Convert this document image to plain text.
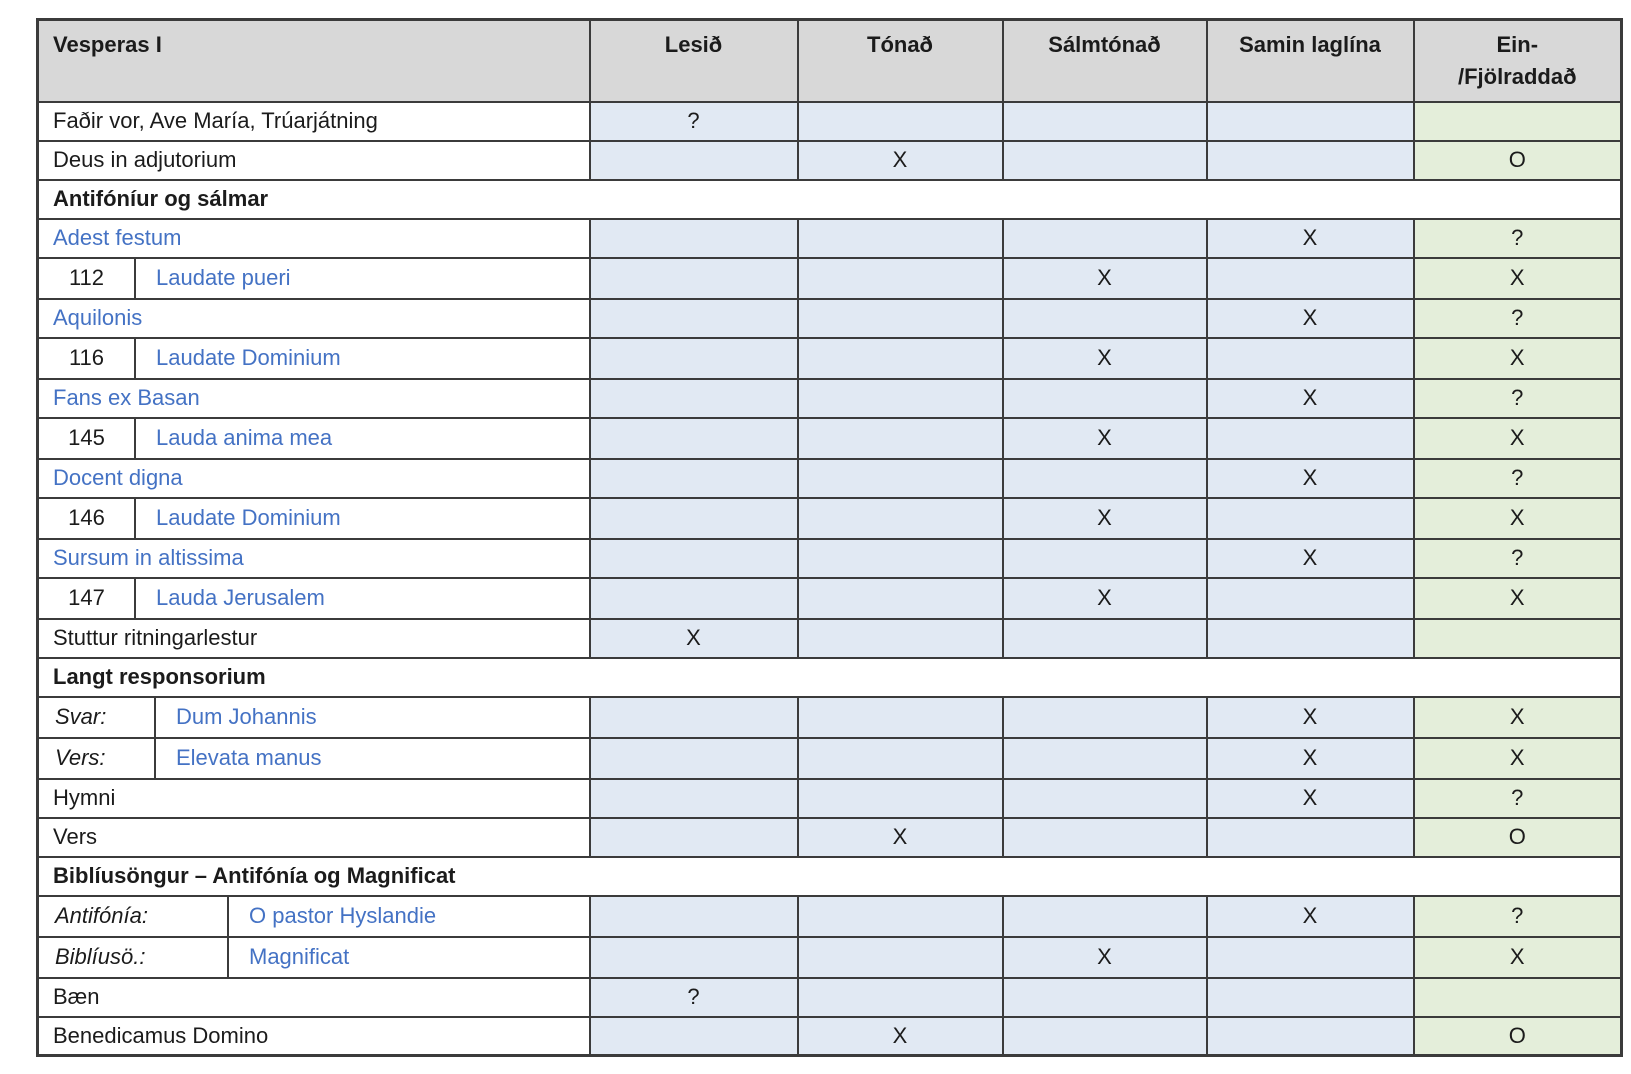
Vesperas I	Lesið	Tónað	Sálmtónað	Samin laglína	Ein-
/Fjölraddað

Faðir vor, Ave María, Trúarjátning	?				

Deus in adjutorium		X			O
Antifóníur og sálmar					

Adest festum				X	?

112 Laudate pueri			X		X

Aquilonis				X	?

116 Laudate Dominium			X		X

Fans ex Basan				X	?

145 Lauda anima mea			X		X

Docent digna				X	?

146 Laudate Dominium			X		X

Sursum in altissima				X	?

147 Lauda Jerusalem			X		X

Stuttur ritningarlestur	X				
Langt responsorium					

Svar: Dum Johannis				X	X

Vers: Elevata manus				X	X

Hymni				X	?

Vers		X			O
Biblíusöngur – Antifónía og Magnificat					

Antifónía: O pastor Hyslandie				X	?

Biblíusö.: Magnificat			X		X

Bæn	?				

Benedicamus Domino		X			O
